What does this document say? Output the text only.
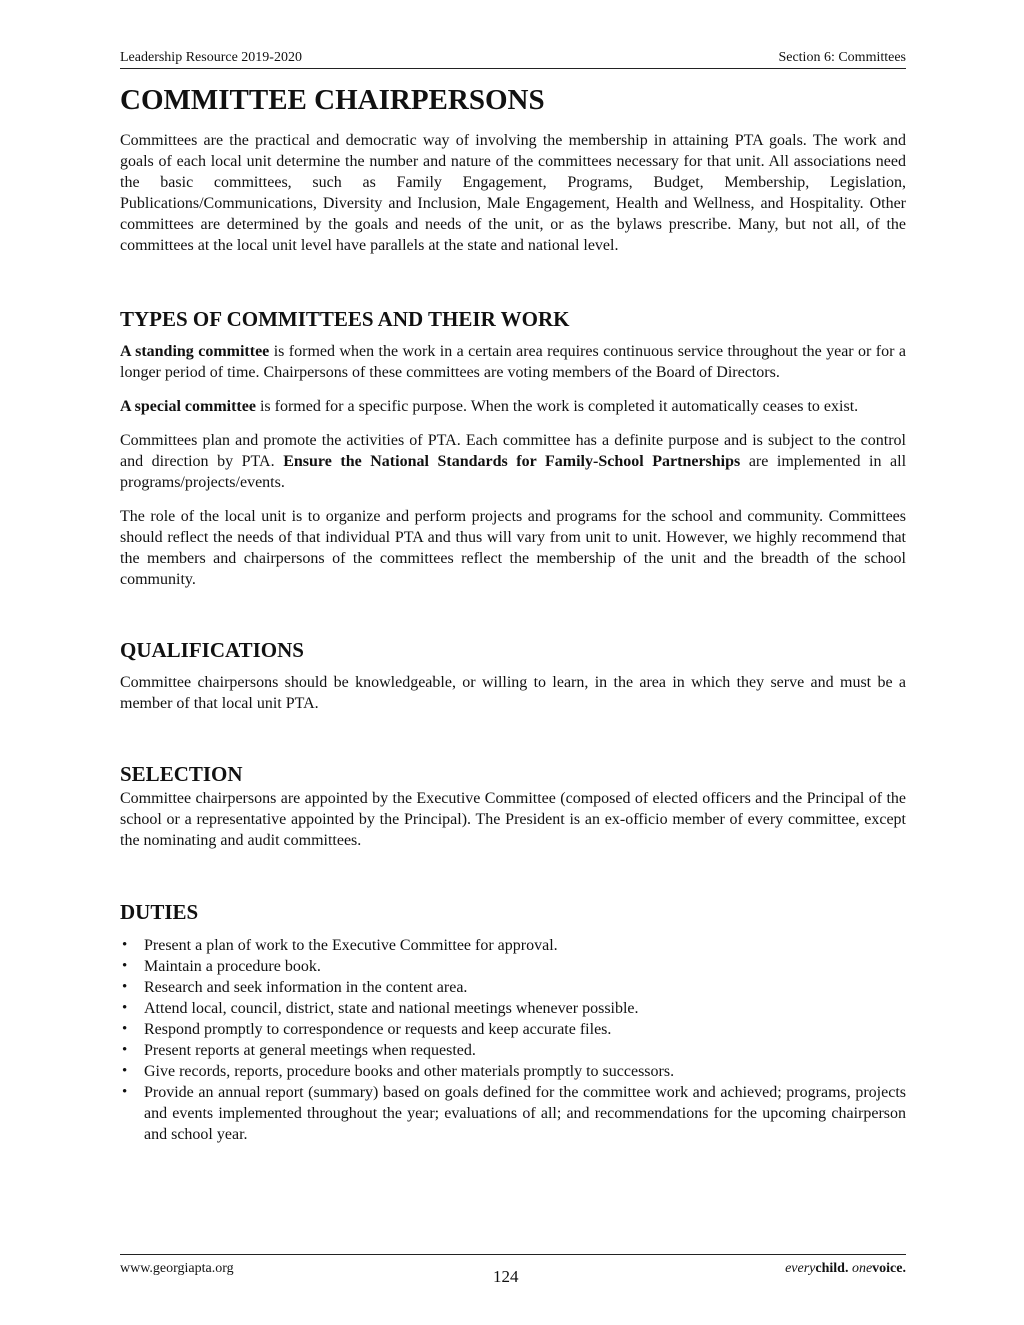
Leadership Resource 2019-2020	Section 6: Committees
COMMITTEE CHAIRPERSONS

Committees are the practical and democratic way of involving the membership in attaining PTA goals. The work and goals of each local unit determine the number and nature of the committees necessary for that unit. All associations need the basic committees, such as Family Engagement, Programs, Budget, Membership, Legislation, Publications/Communications, Diversity and Inclusion, Male Engagement, Health and Wellness, and Hospitality. Other committees are determined by the goals and needs of the unit, or as the bylaws prescribe. Many, but not all, of the committees at the local unit level have parallels at the state and national level.

TYPES OF COMMITTEES AND THEIR WORK

A standing committee is formed when the work in a certain area requires continuous service throughout the year or for a longer period of time. Chairpersons of these committees are voting members of the Board of Directors.

A special committee is formed for a specific purpose. When the work is completed it automatically ceases to exist.

Committees plan and promote the activities of PTA. Each committee has a definite purpose and is subject to the control and direction by PTA. Ensure the National Standards for Family-School Partnerships are implemented in all programs/projects/events.

The role of the local unit is to organize and perform projects and programs for the school and community. Committees should reflect the needs of that individual PTA and thus will vary from unit to unit. However, we highly recommend that the members and chairpersons of the committees reflect the membership of the unit and the breadth of the school community.

QUALIFICATIONS

Committee chairpersons should be knowledgeable, or willing to learn, in the area in which they serve and must be a member of that local unit PTA.

SELECTION

Committee chairpersons are appointed by the Executive Committee (composed of elected officers and the Principal of the school or a representative appointed by the Principal). The President is an ex-officio member of every committee, except the nominating and audit committees.

DUTIES
• Present a plan of work to the Executive Committee for approval.
• Maintain a procedure book.
• Research and seek information in the content area.
• Attend local, council, district, state and national meetings whenever possible.
• Respond promptly to correspondence or requests and keep accurate files.
• Present reports at general meetings when requested.
• Give records, reports, procedure books and other materials promptly to successors.
• Provide an annual report (summary) based on goals defined for the committee work and achieved; programs, projects and events implemented throughout the year; evaluations of all; and recommendations for the upcoming chairperson and school year.
www.georgiapta.org	124	everychild. onevoice.
